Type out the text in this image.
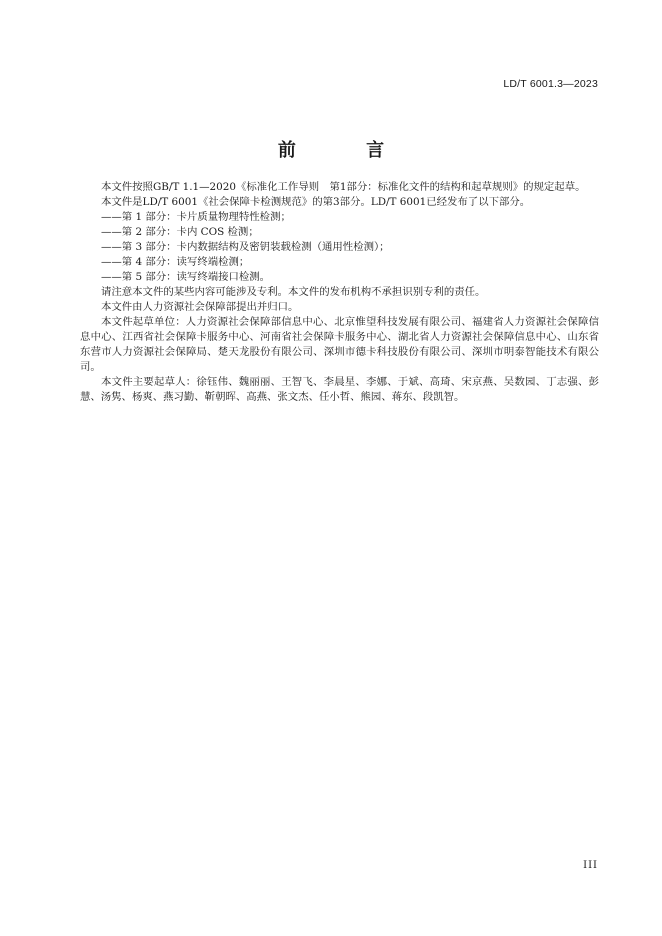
LD/T 6001.3—2023
前 言

本文件按照GB/T 1.1—2020《标准化工作导则　第1部分：标准化文件的结构和起草规则》的规定起草。

本文件是LD/T 6001《社会保障卡检测规范》的第3部分。LD/T 6001已经发布了以下部分。

——第 1 部分：卡片质量物理特性检测；

——第 2 部分：卡内 COS 检测；

——第 3 部分：卡内数据结构及密钥装载检测（通用性检测）；

——第 4 部分：读写终端检测；

——第 5 部分：读写终端接口检测。

请注意本文件的某些内容可能涉及专利。本文件的发布机构不承担识别专利的责任。

本文件由人力资源社会保障部提出并归口。

本文件起草单位：人力资源社会保障部信息中心、北京惟望科技发展有限公司、福建省人力资源社会保障信息中心、江西省社会保障卡服务中心、河南省社会保障卡服务中心、湖北省人力资源社会保障信息中心、山东省东营市人力资源社会保障局、楚天龙股份有限公司、深圳市德卡科技股份有限公司、深圳市明泰智能技术有限公司。

本文件主要起草人：徐钰伟、魏丽丽、王智飞、李晨星、李娜、于斌、高琦、宋京燕、吴数园、丁志强、彭慧、汤隽、杨爽、燕习勤、靳朝晖、高燕、张文杰、任小哲、熊园、蒋东、段凯智。

III
